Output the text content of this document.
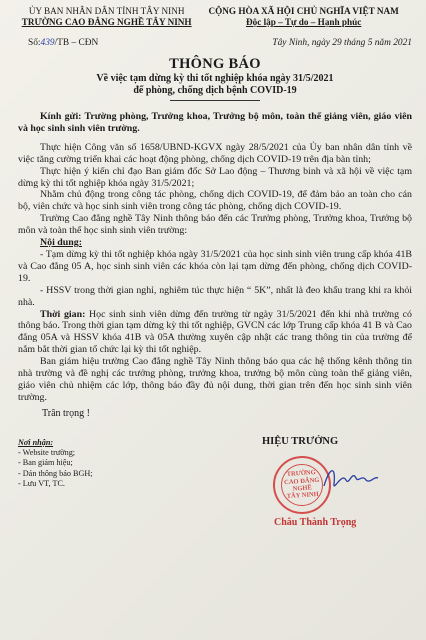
ỦY BAN NHÂN DÂN TỈNH TÂY NINH
TRƯỜNG CAO ĐẲNG NGHỀ TÂY NINH
CỘNG HÒA XÃ HỘI CHỦ NGHĨA VIỆT NAM
Độc lập – Tự do – Hạnh phúc
Số:439/TB – CĐN	Tây Ninh, ngày 29 tháng 5 năm 2021
THÔNG BÁO
Về việc tạm dừng kỳ thi tốt nghiệp khóa ngày 31/5/2021
để phòng, chống dịch bệnh COVID-19

Kính gửi: Trường phòng, Trưởng khoa, Trưởng bộ môn, toàn thể giảng viên, giáo viên và học sinh sinh viên trường.

Thực hiện Công văn số 1658/UBND-KGVX ngày 28/5/2021 của Ủy ban nhân dân tỉnh về việc tăng cường triển khai các hoạt động phòng, chống dịch COVID-19 trên địa bàn tỉnh;

Thực hiện ý kiến chỉ đạo Ban giám đốc Sở Lao động – Thương binh và xã hội về việc tạm dừng kỳ thi tốt nghiệp khóa ngày 31/5/2021;

Nhằm chủ động trong công tác phòng, chống dịch COVID-19, để đảm bảo an toàn cho cán bộ, viên chức và học sinh sinh viên trong công tác phòng, chống dịch COVID-19.

Trường Cao đẳng nghề Tây Ninh thông báo đến các Trưởng phòng, Trưởng khoa, Trưởng bộ môn và toàn thể học sinh sinh viên trường:

Nội dung:

- Tạm dừng kỳ thi tốt nghiệp khóa ngày 31/5/2021 của học sinh sinh viên trung cấp khóa 41B và Cao đẳng 05 A, học sinh sinh viên các khóa còn lại tạm dừng đến phòng, chống dịch COVID-19.

- HSSV trong thời gian nghỉ, nghiêm túc thực hiện “ 5K”, nhất là đeo khẩu trang khi ra khỏi nhà.

Thời gian: Học sinh sinh viên dừng đến trường từ ngày 31/5/2021 đến khi nhà trường có thông báo. Trong thời gian tạm dừng kỳ thi tốt nghiệp, GVCN các lớp Trung cấp khóa 41 B và Cao đẳng 05A và HSSV khóa 41B và 05A thường xuyên cập nhật các trang thông tin của trường để nắm bắt thời gian tổ chức lại kỳ thi tốt nghiệp.

Ban giám hiệu trường Cao đẳng nghề Tây Ninh thông báo qua các hệ thống kênh thông tin nhà trường và đề nghị các trưởng phòng, trưởng khoa, trưởng bộ môn cùng toàn thể giảng viên, giáo viên chủ nhiệm các lớp, thông báo đầy đủ nội dung, thời gian trên đến học sinh sinh viên trường.

Trân trọng !
Nơi nhận:
- Website trường;
- Ban giám hiệu;
- Dán thông báo BGH;
- Lưu VT, TC.
HIỆU TRƯỞNG
TRƯỜNG
CAO ĐẲNG NGHỀ
TÂY NINH
Châu Thành Trọng
